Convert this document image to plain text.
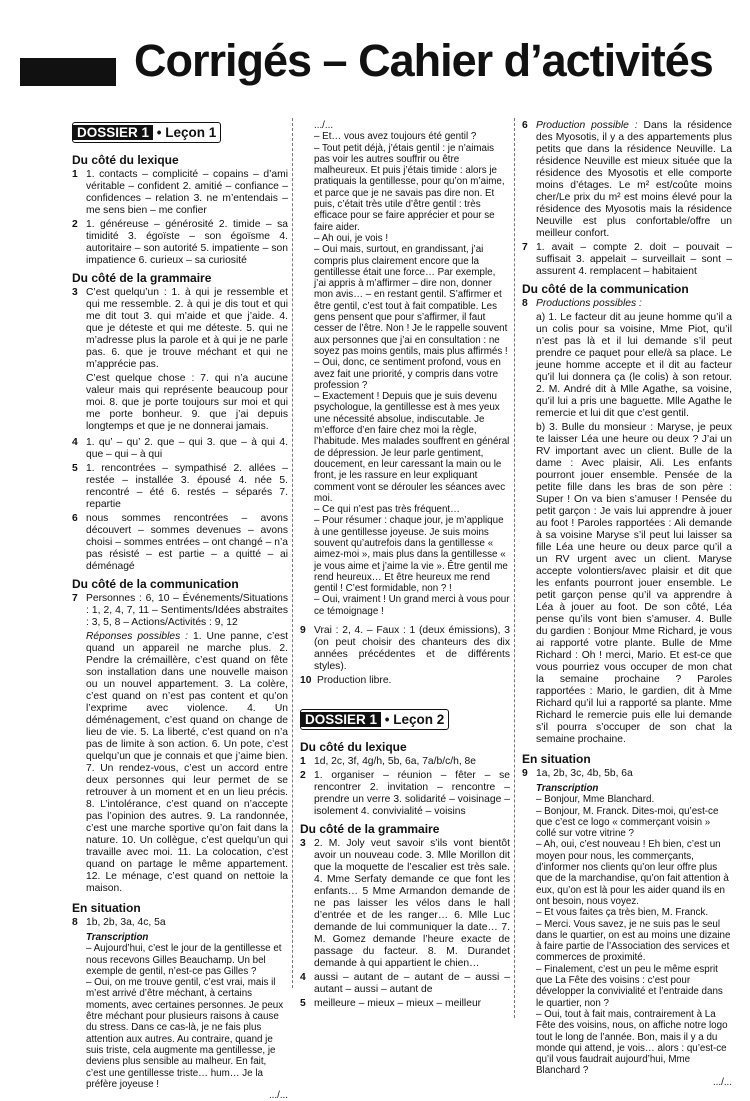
Corrigés – Cahier d’activités
DOSSIER 1 • Leçon 1
Du côté du lexique
1 1. contacts – complicité – copains – d’ami véritable – confident 2. amitié – confiance – confidences – relation 3. ne m’entendais – me sens bien – me confier
2 1. généreuse – générosité 2. timide – sa timidité 3. égoïste – son égoïsme 4. autoritaire – son autorité 5. impatiente – son impatience 6. curieux – sa curiosité
Du côté de la grammaire
3 C’est quelqu’un : 1. à qui je ressemble et qui me ressemble. 2. à qui je dis tout et qui me dit tout 3. qui m’aide et que j’aide. 4. que je déteste et qui me déteste. 5. qui ne m’adresse plus la parole et à qui je ne parle pas. 6. que je trouve méchant et qui ne m’apprécie pas.
C’est quelque chose : 7. qui n’a aucune valeur mais qui représente beaucoup pour moi. 8. que je porte toujours sur moi et qui me porte bonheur. 9. que j’ai depuis longtemps et que je ne donnerai jamais.
4 1. qu’ – qu’ 2. que – qui 3. que – à qui 4. que – qui – à qui
5 1. rencontrées – sympathisé 2. allées – restée – installée 3. épousé 4. née 5. rencontré – été 6. restés – séparés 7. repartie
6 nous sommes rencontrées – avons découvert – sommes devenues – avons choisi – sommes entrées – ont changé – n’a pas résisté – est partie – a quitté – ai déménagé
Du côté de la communication
7 Personnes : 6, 10 – Événements/Situations : 1, 2, 4, 7, 11 – Sentiments/Idées abstraites : 3, 5, 8 – Actions/Activités : 9, 12
Réponses possibles : 1. Une panne, c’est quand un appareil ne marche plus. 2. Pendre la crémaillère, c’est quand on fête son installation dans une nouvelle maison ou un nouvel appartement. 3. La colère, c’est quand on n’est pas content et qu’on l’exprime avec violence. 4. Un déménagement, c’est quand on change de lieu de vie. 5. La liberté, c’est quand on n’a pas de limite à son action. 6. Un pote, c’est quelqu’un que je connais et que j’aime bien. 7. Un rendez-vous, c’est un accord entre deux personnes qui leur permet de se retrouver à un moment et en un lieu précis. 8. L’intolérance, c’est quand on n’accepte pas l’opinion des autres. 9. La randonnée, c’est une marche sportive qu’on fait dans la nature. 10. Un collègue, c’est quelqu’un qui travaille avec moi. 11. La colocation, c’est quand on partage le même appartement. 12. Le ménage, c’est quand on nettoie la maison.
En situation
8 1b, 2b, 3a, 4c, 5a
Transcription
– Aujourd’hui, c’est le jour de la gentillesse et nous recevons Gilles Beauchamp. Un bel exemple de gentil, n’est-ce pas Gilles ?
– Oui, on me trouve gentil, c’est vrai, mais il m’est arrivé d’être méchant, à certains moments, avec certaines personnes. Je peux être méchant pour plusieurs raisons à cause du stress. Dans ce cas-là, je ne fais plus attention aux autres. Au contraire, quand je suis triste, cela augmente ma gentillesse, je deviens plus sensible au malheur. En fait, c’est une gentillesse triste… hum… Je la préfère joyeuse !
.../...
.../...
– Et… vous avez toujours été gentil ?
– Tout petit déjà, j’étais gentil : je n’aimais pas voir les autres souffrir ou être malheureux. Et puis j’étais timide : alors je pratiquais la gentillesse, pour qu’on m’aime, et parce que je ne savais pas dire non. Et puis, c’était très utile d’être gentil : très efficace pour se faire apprécier et pour se faire aider.
– Ah oui, je vois !
– Oui mais, surtout, en grandissant, j’ai compris plus clairement encore que la gentillesse était une force… Par exemple, j’ai appris à m’affirmer – dire non, donner mon avis… – en restant gentil. S’affirmer et être gentil, c’est tout à fait compatible. Les gens pensent que pour s’affirmer, il faut cesser de l’être. Non ! Je le rappelle souvent aux personnes que j’ai en consultation : ne soyez pas moins gentils, mais plus affirmés !
– Oui, donc, ce sentiment profond, vous en avez fait une priorité, y compris dans votre profession ?
– Exactement ! Depuis que je suis devenu psychologue, la gentillesse est à mes yeux une nécessité absolue, indiscutable. Je m’efforce d’en faire chez moi la règle, l’habitude. Mes malades souffrent en général de dépression. Je leur parle gentiment, doucement, en leur caressant la main ou le front, je les rassure en leur expliquant comment vont se dérouler les séances avec moi.
– Ce qui n’est pas très fréquent…
– Pour résumer : chaque jour, je m’applique à une gentillesse joyeuse. Je suis moins souvent qu’autrefois dans la gentillesse « aimez-moi », mais plus dans la gentillesse « je vous aime et j’aime la vie ». Être gentil me rend heureux… Et être heureux me rend gentil ! C’est formidable, non ? !
– Oui, vraiment ! Un grand merci à vous pour ce témoignage !
9 Vrai : 2, 4. – Faux : 1 (deux émissions), 3 (on peut choisir des chanteurs des dix années précédentes et de différents styles).
10 Production libre.
DOSSIER 1 • Leçon 2
Du côté du lexique
1 1d, 2c, 3f, 4g/h, 5b, 6a, 7a/b/c/h, 8e
2 1. organiser – réunion – fêter – se rencontrer 2. invitation – rencontre – prendre un verre 3. solidarité – voisinage – isolement 4. convivialité – voisins
Du côté de la grammaire
3 2. M. Joly veut savoir s’ils vont bientôt avoir un nouveau code. 3. Mlle Morillon dit que la moquette de l’escalier est très sale. 4. Mme Serfaty demande ce que font les enfants… 5 Mme Armandon demande de ne pas laisser les vélos dans le hall d’entrée et de les ranger… 6. Mlle Luc demande de lui communiquer la date… 7. M. Gomez demande l’heure exacte de passage du facteur. 8. M. Durandet demande à qui appartient le chien…
4 aussi – autant de – autant de – aussi – autant – aussi – autant de
5 meilleure – mieux – mieux – meilleur
6 Production possible : Dans la résidence des Myosotis, il y a des appartements plus petits que dans la résidence Neuville. La résidence Neuville est mieux située que la résidence des Myosotis et elle comporte moins d’étages. Le m² est/coûte moins cher/Le prix du m² est moins élevé pour la résidence des Myosotis mais la résidence Neuville est plus confortable/offre un meilleur confort.
7 1. avait – compte 2. doit – pouvait – suffisait 3. appelait – surveillait – sont – assurent 4. remplacent – habitaient
Du côté de la communication
8 Productions possibles :
a) 1. Le facteur dit au jeune homme qu’il a un colis pour sa voisine, Mme Piot, qu’il n’est pas là et il lui demande s’il peut prendre ce paquet pour elle/à sa place. Le jeune homme accepte et il dit au facteur qu’il lui donnera ça (le colis) à son retour. 2. M. André dit à Mlle Agathe, sa voisine, qu’il lui a pris une baguette. Mlle Agathe le remercie et lui dit que c’est gentil.
b) 3. Bulle du monsieur : Maryse, je peux te laisser Léa une heure ou deux ? J’ai un RV important avec un client. Bulle de la dame : Avec plaisir, Ali. Les enfants pourront jouer ensemble. Pensée de la petite fille dans les bras de son père : Super ! On va bien s’amuser ! Pensée du petit garçon : Je vais lui apprendre à jouer au foot ! Paroles rapportées : Ali demande à sa voisine Maryse s’il peut lui laisser sa fille Léa une heure ou deux parce qu’il a un RV urgent avec un client. Maryse accepte volontiers/avec plaisir et dit que les enfants pourront jouer ensemble. Le petit garçon pense qu’il va apprendre à Léa à jouer au foot. De son côté, Léa pense qu’ils vont bien s’amuser. 4. Bulle du gardien : Bonjour Mme Richard, je vous ai rapporté votre plante. Bulle de Mme Richard : Oh ! merci, Mario. Et est-ce que vous pourriez vous occuper de mon chat la semaine prochaine ? Paroles rapportées : Mario, le gardien, dit à Mme Richard qu’il lui a rapporté sa plante. Mme Richard le remercie puis elle lui demande s’il pourra s’occuper de son chat la semaine prochaine.
En situation
9 1a, 2b, 3c, 4b, 5b, 6a
Transcription
– Bonjour, Mme Blanchard.
– Bonjour, M. Franck. Dites-moi, qu’est-ce que c’est ce logo « commerçant voisin » collé sur votre vitrine ?
– Ah, oui, c’est nouveau ! Eh bien, c’est un moyen pour nous, les commerçants, d’informer nos clients qu’on leur offre plus que de la marchandise, qu’on fait attention à eux, qu’on est là pour les aider quand ils en ont besoin, nous voyez.
– Et vous faites ça très bien, M. Franck.
– Merci. Vous savez, je ne suis pas le seul dans le quartier, on est au moins une dizaine à faire partie de l’Association des services et commerces de proximité.
– Finalement, c’est un peu le même esprit que La Fête des voisins : c’est pour développer la convivialité et l’entraide dans le quartier, non ?
– Oui, tout à fait mais, contrairement à La Fête des voisins, nous, on affiche notre logo tout le long de l’année. Bon, mais il y a du monde qui attend, je vois… alors : qu’est-ce qu’il vous faudrait aujourd’hui, Mme Blanchard ?
.../...
